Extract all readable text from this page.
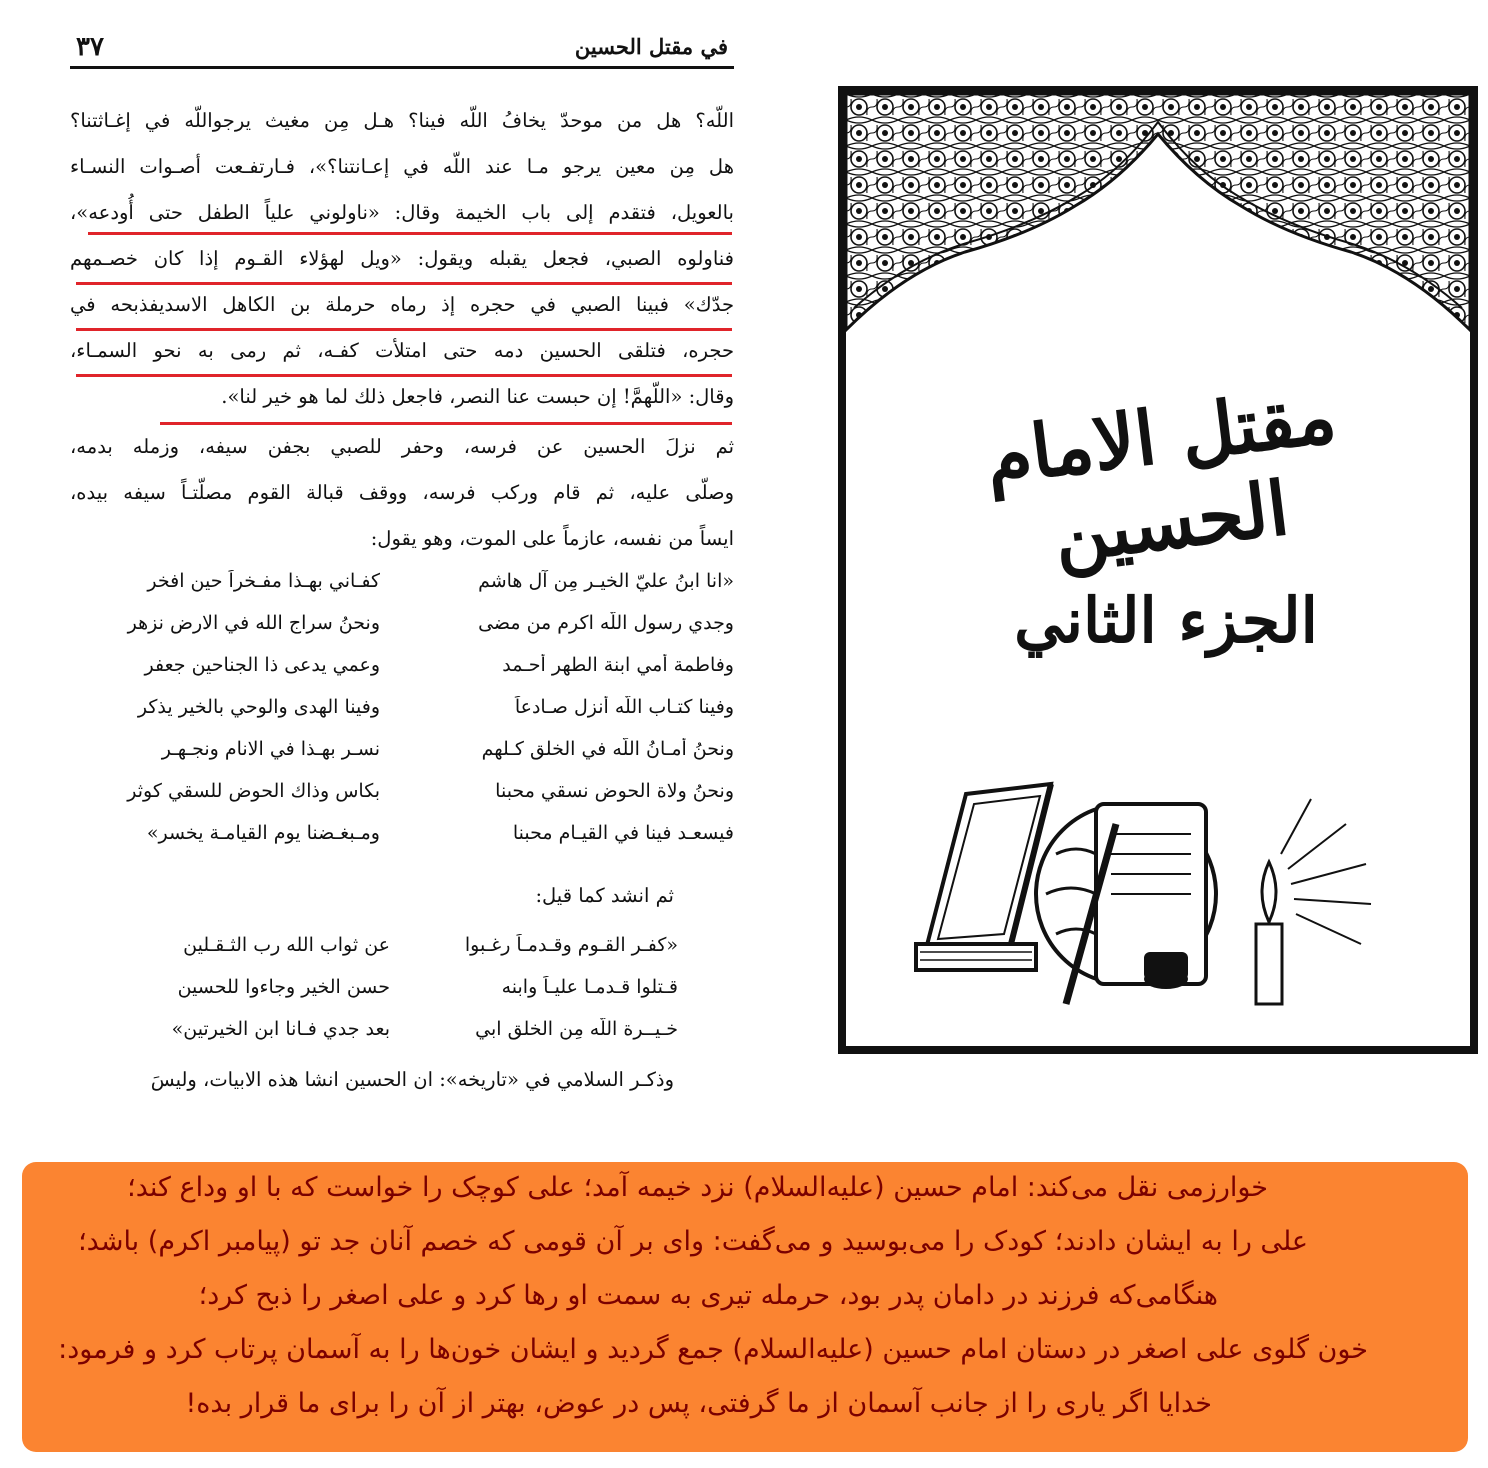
٣٧	في مقتل الحسين
اللّه؟ هل من موحدّ يخافُ اللّه فينا؟ هـل مِن مغيث يرجواللّه في إغـاثتنا؟
هل مِن معين يرجو مـا عند اللّه في إعـانتنا؟»، فـارتفـعت أصـوات النسـاء
بالعويل، فتقدم إلى باب الخيمة وقال: «ناولوني علياً الطفل حتى أُودعه»،
فناولوه الصبي، فجعل يقبله ويقول: «ويل لهؤلاء القـوم إذا كان خصـمهم
جدّك» فبينا الصبي في حجره إذ رماه حرملة بن الكاهل الاسديفذبحه في
حجره، فتلقى الحسين دمه حتى امتلأت كفـه، ثم رمى به نحو السمـاء،
وقال: «اللّهمَّ! إن حبست عنا النصر، فاجعل ذلك لما هو خير لنا».
ثم نزلَ الحسين عن فرسه، وحفر للصبي بجفن سيفه، وزمله بدمه،
وصلّى عليه، ثم قام وركب فرسه، ووقف قبالة القوم مصلّتـاً سيفه بيده،
ايساً من نفسه، عازماً على الموت، وهو يقول:
«انا ابنُ عليّ الخيـر مِن آل هاشم
كفـاني بهـذا مفـخراً حين افخر
وجدي رسول اللّه اكرم من مضى
ونحنُ سراج الله في الارض نزهر
وفاطمة أمي ابنة الطهر أحـمد
وعمي يدعى ذا الجناحين جعفر
وفينا كتـاب اللّه أُنزل صـادعاً
وفينا الهدى والوحي بالخير يذكر
ونحنُ أمـانُ اللّه في الخلق كـلهم
نسـر بهـذا في الانام ونجـهـر
ونحنُ ولاة الحوض نسقي محبنا
بكاس وذاك الحوض للسقي كوثر
فيسعـد فينا في القيـام محبنا
ومـبغـضنا يوم القيامـة يخسر»
ثم انشد كما قيل:
«كفـر القـوم وقـدمـاً رغـبوا
عن ثواب الله رب الثـقـلين
قـتلوا قـدمـا عليـاً وابنه
حسن الخير وجاءوا للحسين
خـيــرة اللّه مِن الخلق ابي
بعد جدي فـانا ابن الخيرتين»
وذكـر السلامي في «تاريخه»: ان الحسين انشا هذه الابيات، وليسَ
مقتل الامام الحسين
الجزء الثاني
خوارزمی نقل می‌کند: امام حسین (علیه‌السلام) نزد خیمه آمد؛ علی کوچک را خواست که با او وداع کند؛
علی را به ایشان دادند؛ کودک را می‌بوسید و می‌گفت: وای بر آن قومی که خصم آنان جد تو (پیامبر اکرم) باشد؛
هنگامی‌که فرزند در دامان پدر بود، حرمله تیری به سمت او رها کرد و علی اصغر را ذبح کرد؛
خون گلوی علی اصغر در دستان امام حسین (علیه‌السلام) جمع گردید و ایشان خون‌ها را به آسمان پرتاب کرد و فرمود:
خدایا اگر یاری را از جانب آسمان از ما گرفتی، پس در عوض، بهتر از آن را برای ما قرار بده!
